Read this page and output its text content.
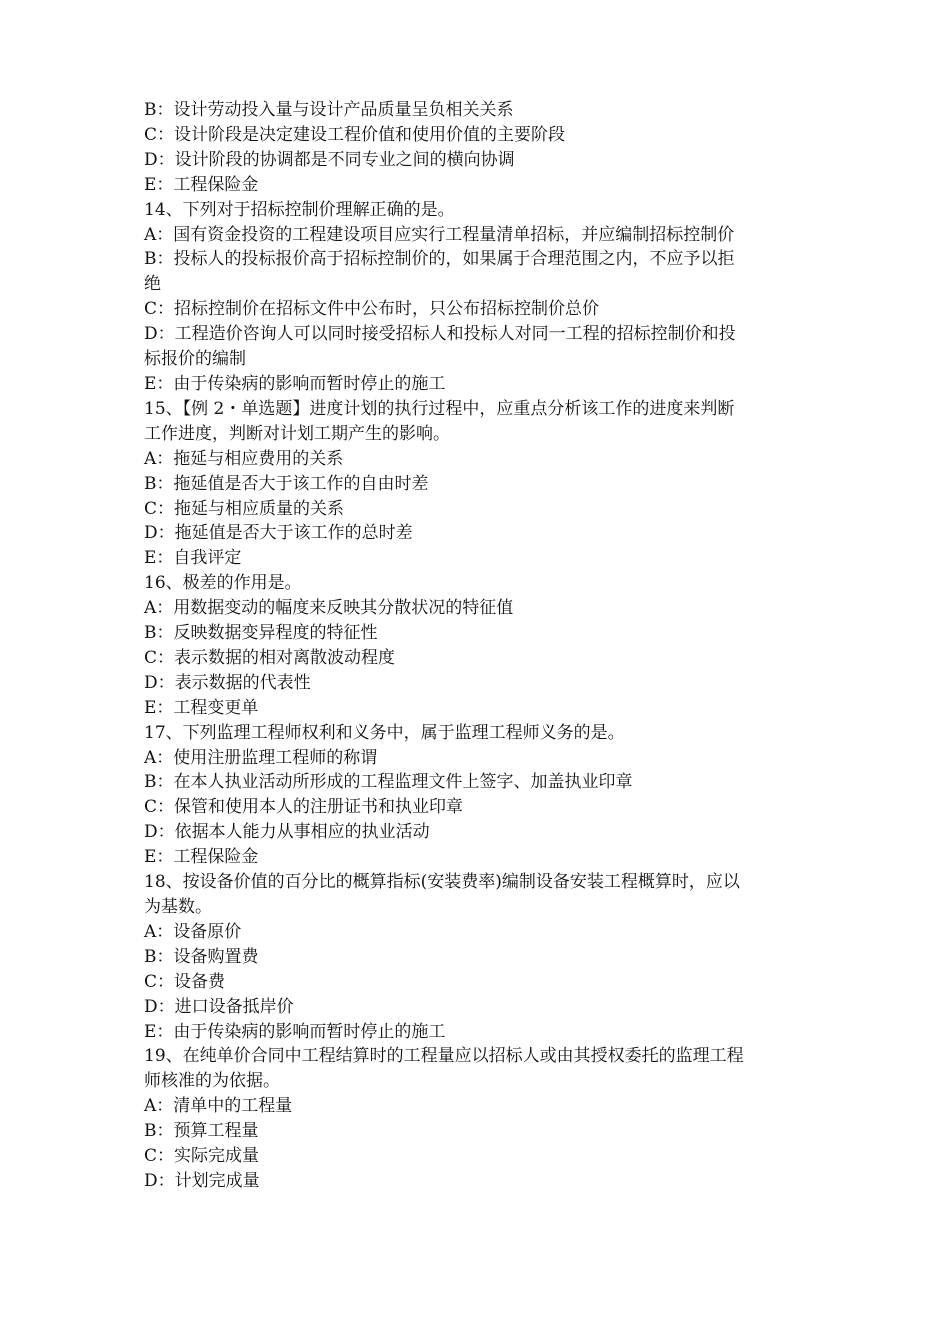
B：设计劳动投入量与设计产品质量呈负相关关系
C：设计阶段是决定建设工程价值和使用价值的主要阶段
D：设计阶段的协调都是不同专业之间的横向协调
E：工程保险金
14、下列对于招标控制价理解正确的是。
A：国有资金投资的工程建设项目应实行工程量清单招标，并应编制招标控制价
B：投标人的投标报价高于招标控制价的，如果属于合理范围之内，不应予以拒
绝
C：招标控制价在招标文件中公布时，只公布招标控制价总价
D：工程造价咨询人可以同时接受招标人和投标人对同一工程的招标控制价和投
标报价的编制
E：由于传染病的影响而暂时停止的施工
15、【例 2・单选题】进度计划的执行过程中，应重点分析该工作的进度来判断
工作进度，判断对计划工期产生的影响。
A：拖延与相应费用的关系
B：拖延值是否大于该工作的自由时差
C：拖延与相应质量的关系
D：拖延值是否大于该工作的总时差
E：自我评定
16、极差的作用是。
A：用数据变动的幅度来反映其分散状况的特征值
B：反映数据变异程度的特征性
C：表示数据的相对离散波动程度
D：表示数据的代表性
E：工程变更单
17、下列监理工程师权利和义务中，属于监理工程师义务的是。
A：使用注册监理工程师的称谓
B：在本人执业活动所形成的工程监理文件上签字、加盖执业印章
C：保管和使用本人的注册证书和执业印章
D：依据本人能力从事相应的执业活动
E：工程保险金
18、按设备价值的百分比的概算指标(安装费率)编制设备安装工程概算时，应以
为基数。
A：设备原价
B：设备购置费
C：设备费
D：进口设备抵岸价
E：由于传染病的影响而暂时停止的施工
19、在纯单价合同中工程结算时的工程量应以招标人或由其授权委托的监理工程
师核准的为依据。
A：清单中的工程量
B：预算工程量
C：实际完成量
D：计划完成量
